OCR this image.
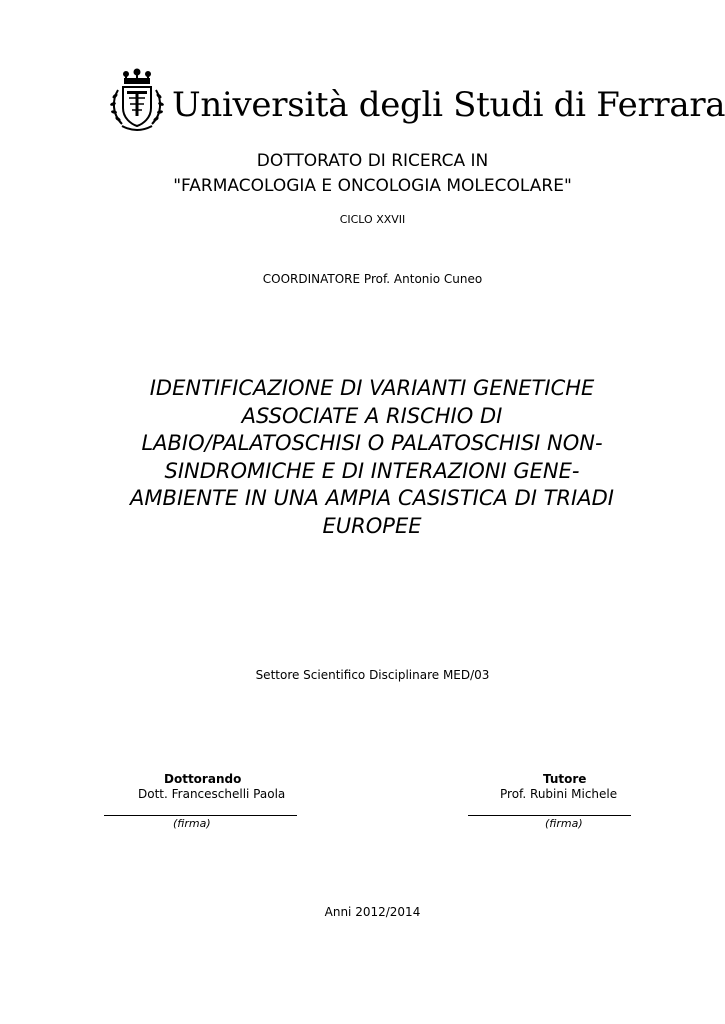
Università degli Studi di Ferrara
DOTTORATO DI RICERCA IN
"FARMACOLOGIA E ONCOLOGIA MOLECOLARE"
CICLO XXVII
COORDINATORE Prof. Antonio Cuneo
IDENTIFICAZIONE DI VARIANTI GENETICHE
ASSOCIATE A RISCHIO DI
LABIO/PALATOSCHISI O PALATOSCHISI NON-
SINDROMICHE E DI INTERAZIONI GENE-
AMBIENTE IN UNA AMPIA CASISTICA DI TRIADI
EUROPEE
Settore Scientifico Disciplinare MED/03
Dottorando
Dott. Franceschelli Paola
(firma)
Tutore
Prof. Rubini Michele
(firma)
Anni 2012/2014
